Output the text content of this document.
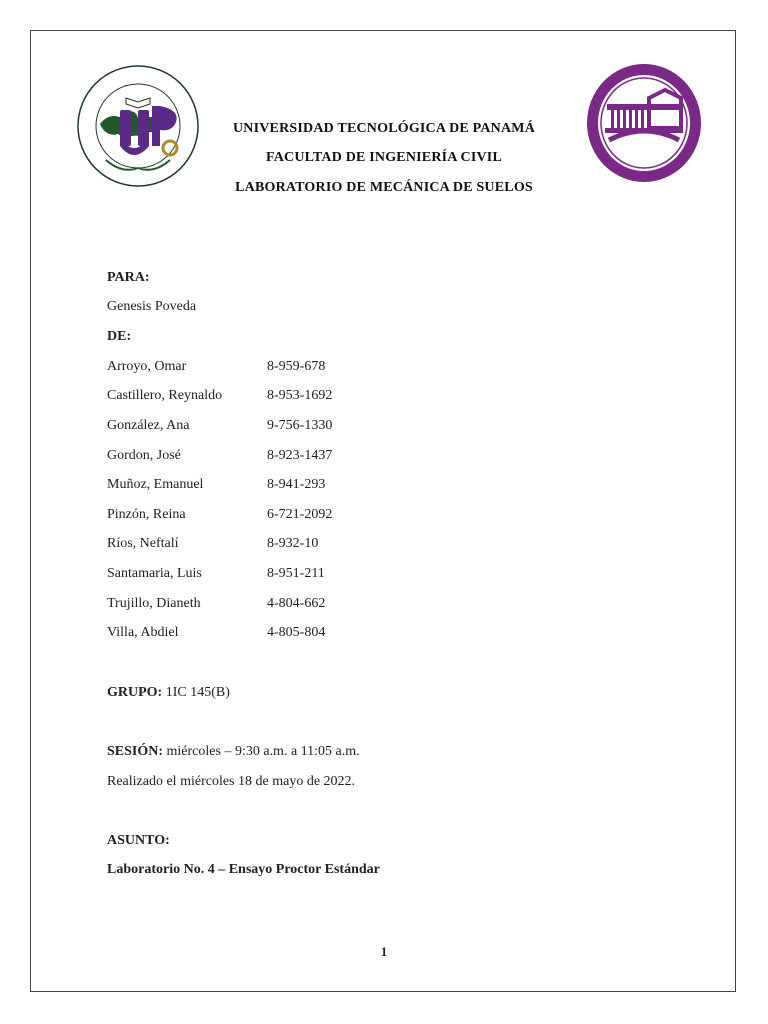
UNIVERSIDAD TECNOLÓGICA DE PANAMÁ
FACULTAD DE INGENIERÍA CIVIL
LABORATORIO DE MECÁNICA DE SUELOS
PARA:
Genesis Poveda
DE:
Arroyo, Omar	8-959-678
Castillero, Reynaldo	8-953-1692
González, Ana	9-756-1330
Gordon, José	8-923-1437
Muñoz, Emanuel	8-941-293
Pinzón, Reina	6-721-2092
Ríos, Neftalí	8-932-10
Santamaria, Luis	8-951-211
Trujillo, Dianeth	4-804-662
Villa, Abdiel	4-805-804
GRUPO: 1IC 145(B)
SESIÓN: miércoles – 9:30 a.m. a 11:05 a.m.
Realizado el miércoles 18 de mayo de 2022.
ASUNTO:
Laboratorio No. 4 – Ensayo Proctor Estándar
1
